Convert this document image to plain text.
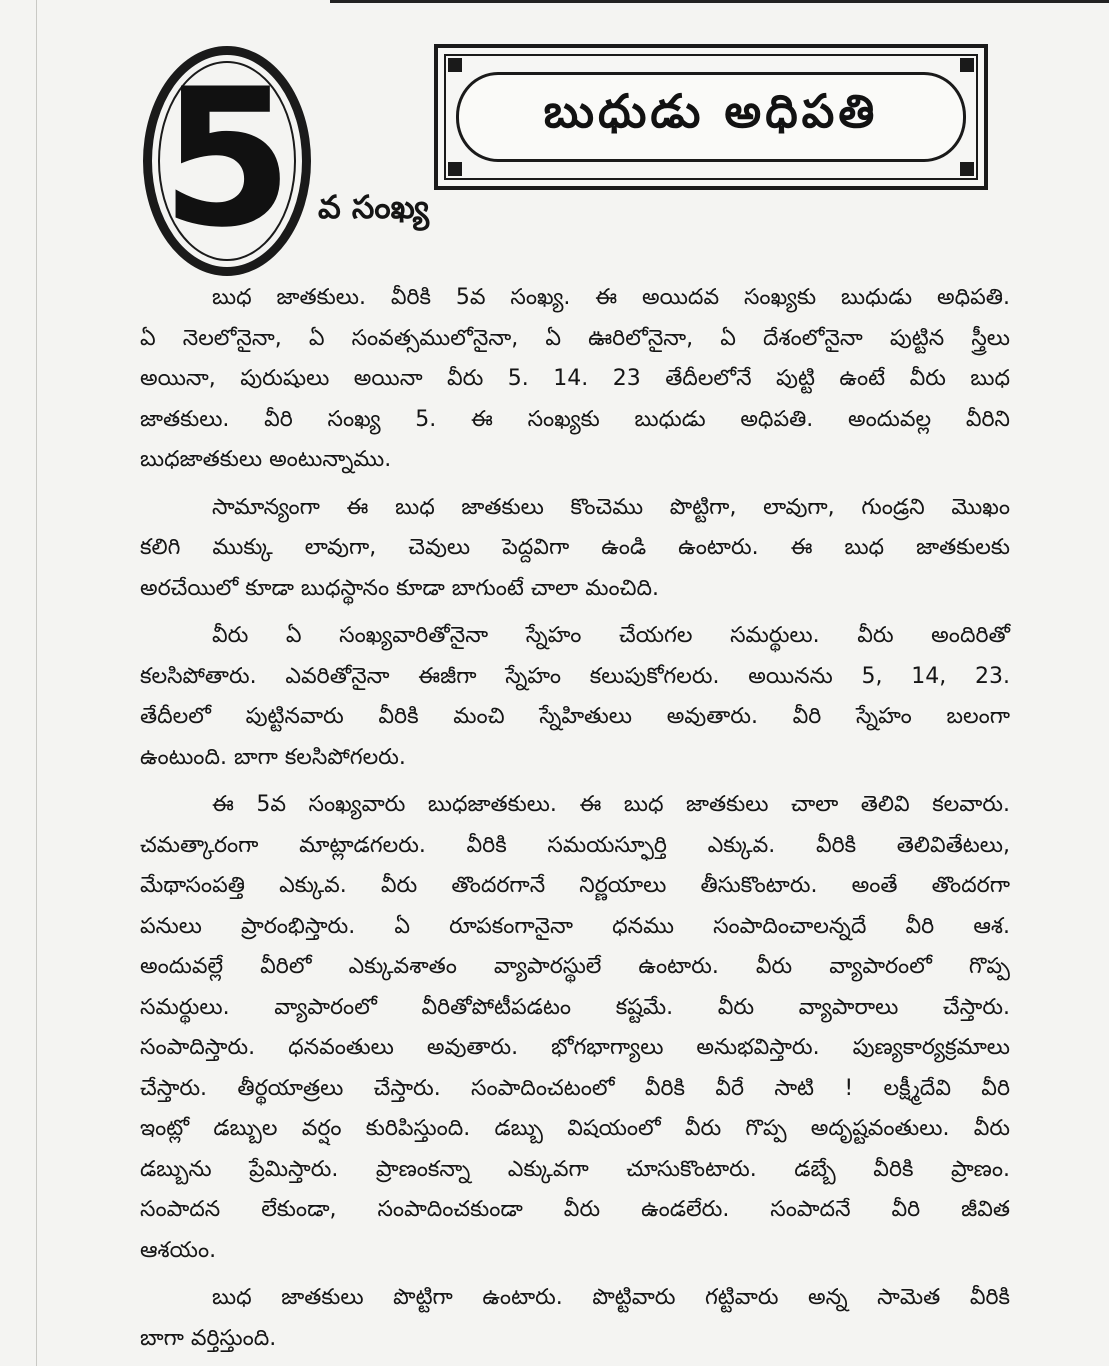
5 వ సంఖ్య
బుధుడు అధిపతి
బుధ జాతకులు. వీరికి 5వ సంఖ్య. ఈ అయిదవ సంఖ్యకు బుధుడు అధిపతి.
ఏ నెలలోనైనా, ఏ సంవత్సములోనైనా, ఏ ఊరిలోనైనా, ఏ దేశంలోనైనా పుట్టిన స్త్రీలు
అయినా, పురుషులు అయినా వీరు 5. 14. 23 తేదీలలోనే పుట్టి ఉంటే వీరు బుధ
జాతకులు. వీరి సంఖ్య 5. ఈ సంఖ్యకు బుధుడు అధిపతి. అందువల్ల వీరిని
బుధజాతకులు అంటున్నాము.
సామాన్యంగా ఈ బుధ జాతకులు కొంచెము పొట్టిగా, లావుగా, గుండ్రని మొఖం
కలిగి ముక్కు లావుగా, చెవులు పెద్దవిగా ఉండి ఉంటారు. ఈ బుధ జాతకులకు
అరచేయిలో కూడా బుధస్థానం కూడా బాగుంటే చాలా మంచిది.
వీరు ఏ సంఖ్యవారితోనైనా స్నేహం చేయగల సమర్థులు. వీరు అందిరితో
కలసిపోతారు. ఎవరితోనైనా ఈజీగా స్నేహం కలుపుకోగలరు. అయినను 5, 14, 23.
తేదీలలో పుట్టినవారు వీరికి మంచి స్నేహితులు అవుతారు. వీరి స్నేహం బలంగా
ఉంటుంది. బాగా కలసిపోగలరు.
ఈ 5వ సంఖ్యవారు బుధజాతకులు. ఈ బుధ జాతకులు చాలా తెలివి కలవారు.
చమత్కారంగా మాట్లాడగలరు. వీరికి సమయస్ఫూర్తి ఎక్కువ. వీరికి తెలివితేటలు,
మేథాసంపత్తి ఎక్కువ. వీరు తొందరగానే నిర్ణయాలు తీసుకొంటారు. అంతే తొందరగా
పనులు ప్రారంభిస్తారు. ఏ రూపకంగానైనా ధనము సంపాదించాలన్నదే వీరి ఆశ.
అందువల్లే వీరిలో ఎక్కువశాతం వ్యాపారస్థులే ఉంటారు. వీరు వ్యాపారంలో గొప్ప
సమర్థులు. వ్యాపారంలో వీరితోపోటీపడటం కష్టమే. వీరు వ్యాపారాలు చేస్తారు.
సంపాదిస్తారు. ధనవంతులు అవుతారు. భోగభాగ్యాలు అనుభవిస్తారు. పుణ్యకార్యక్రమాలు
చేస్తారు. తీర్థయాత్రలు చేస్తారు. సంపాదించటంలో వీరికి వీరే సాటి ! లక్ష్మీదేవి వీరి
ఇంట్లో డబ్బుల వర్షం కురిపిస్తుంది. డబ్బు విషయంలో వీరు గొప్ప అదృష్టవంతులు. వీరు
డబ్బును ప్రేమిస్తారు. ప్రాణంకన్నా ఎక్కువగా చూసుకొంటారు. డబ్బే వీరికి ప్రాణం.
సంపాదన లేకుండా, సంపాదించకుండా వీరు ఉండలేరు. సంపాదనే వీరి జీవిత
ఆశయం.
బుధ జాతకులు పొట్టిగా ఉంటారు. పొట్టివారు గట్టివారు అన్న సామెత వీరికి
బాగా వర్తిస్తుంది.
